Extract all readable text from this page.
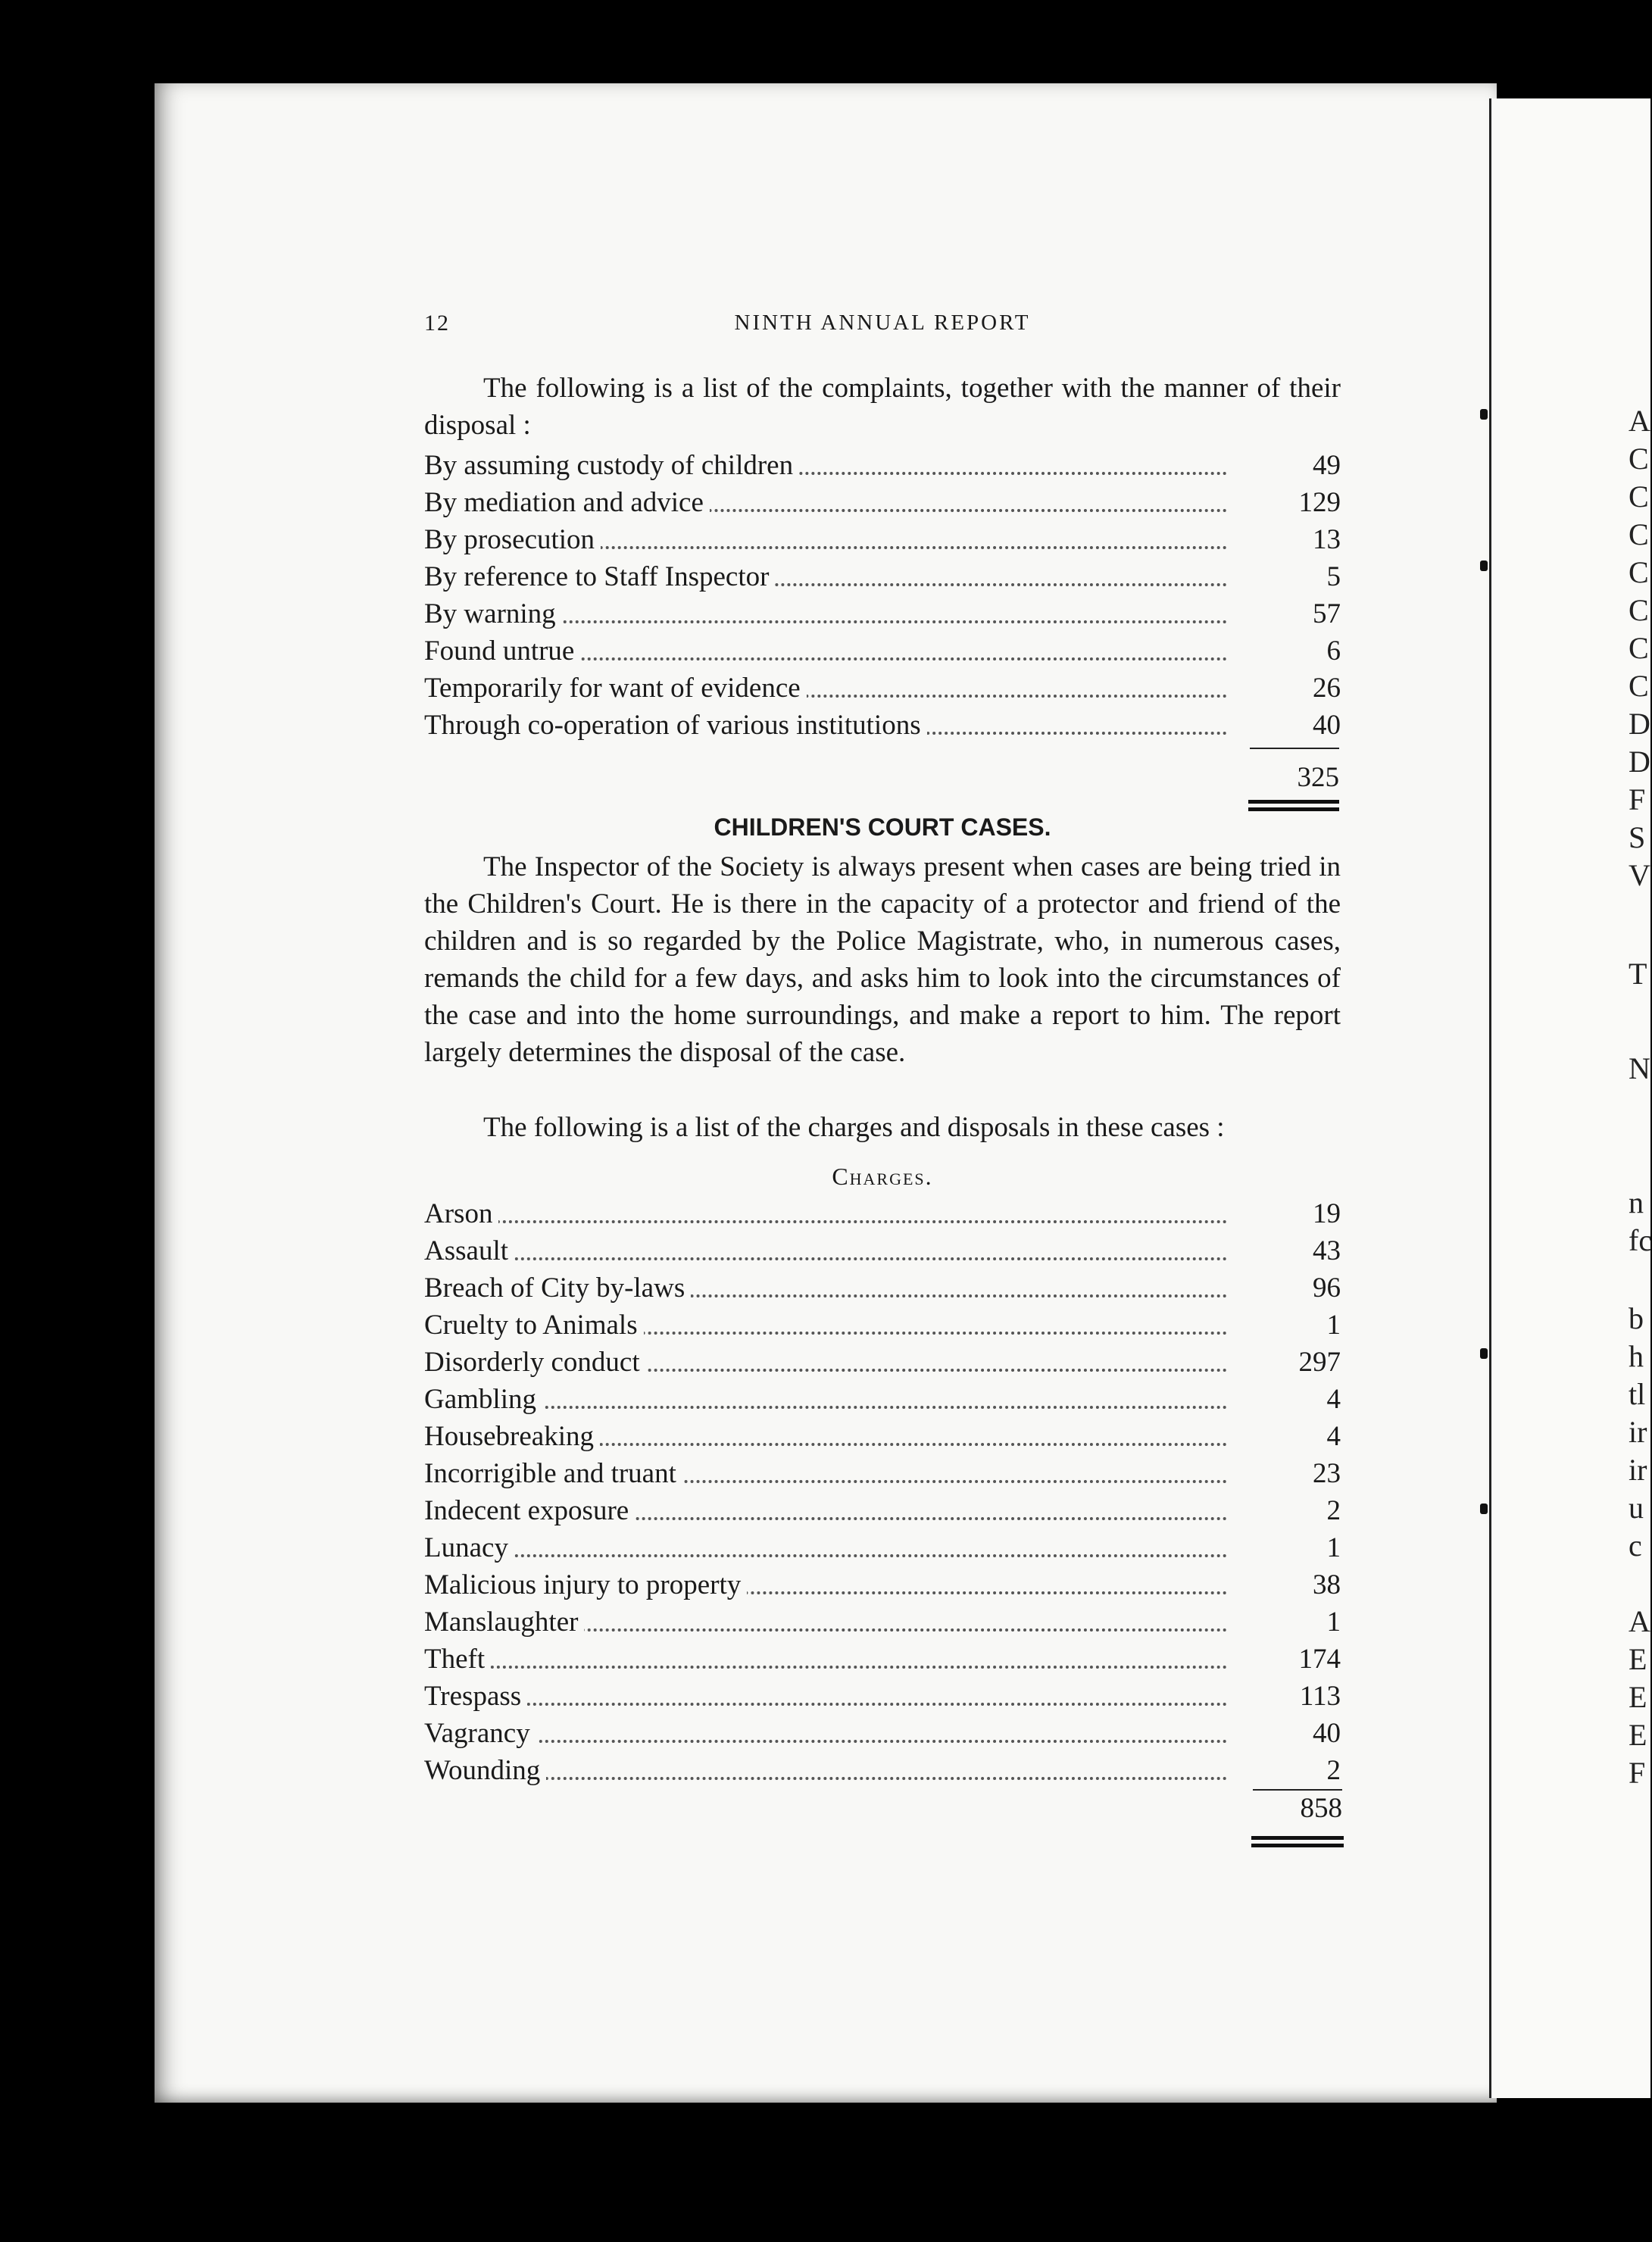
12	NINTH ANNUAL REPORT
The following is a list of the complaints, together with the manner of their disposal :
By assuming custody of children	49
By mediation and advice	129
By prosecution	13
By reference to Staff Inspector	5
By warning	57
Found untrue	6
Temporarily for want of evidence	26
Through co-operation of various institutions	40
325
CHILDREN'S COURT CASES.
The Inspector of the Society is always present when cases are being tried in the Children's Court. He is there in the capacity of a protector and friend of the children and is so regarded by the Police Magistrate, who, in numerous cases, remands the child for a few days, and asks him to look into the circumstances of the case and into the home surroundings, and make a report to him. The report largely determines the disposal of the case.
The following is a list of the charges and disposals in these cases :
Charges.
Arson	19
Assault	43
Breach of City by-laws	96
Cruelty to Animals	1
Disorderly conduct	297
Gambling	4
Housebreaking	4
Incorrigible and truant	23
Indecent exposure	2
Lunacy	1
Malicious injury to property	38
Manslaughter	1
Theft	174
Trespass	113
Vagrancy	40
Wounding	2
858
A
C
C
C
C
C
C
C
D
D
F
S
V
T
N
n
fc
b
h
tl
ir
ir
u
c
A
E
E
E
F
